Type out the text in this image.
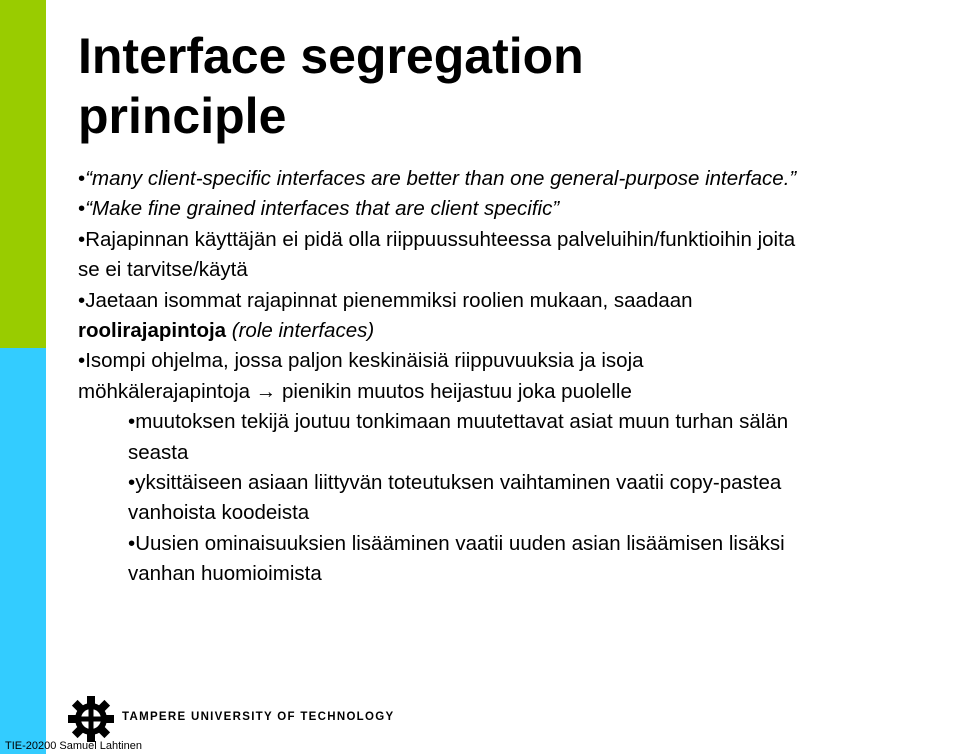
Interface segregation
principle
•“many client-specific interfaces are better than one general-purpose interface.”
•“Make fine grained interfaces that are client specific”
•Rajapinnan käyttäjän ei pidä olla riippuussuhteessa palveluihin/funktioihin joita
se ei tarvitse/käytä
•Jaetaan isommat rajapinnat pienemmiksi roolien mukaan, saadaan
roolirajapintoja (role interfaces)
•Isompi ohjelma, jossa paljon keskinäisiä riippuvuuksia ja isoja
möhkälerajapintoja → pienikin muutos heijastuu joka puolelle
•muutoksen tekijä joutuu tonkimaan muutettavat asiat muun turhan sälän
seasta
•yksittäiseen asiaan liittyvän toteutuksen vaihtaminen vaatii copy-pastea
vanhoista koodeista
•Uusien ominaisuuksien lisääminen vaatii uuden asian lisäämisen lisäksi
vanhan huomioimista
TAMPERE UNIVERSITY OF TECHNOLOGY
TIE-20200 Samuel Lahtinen
